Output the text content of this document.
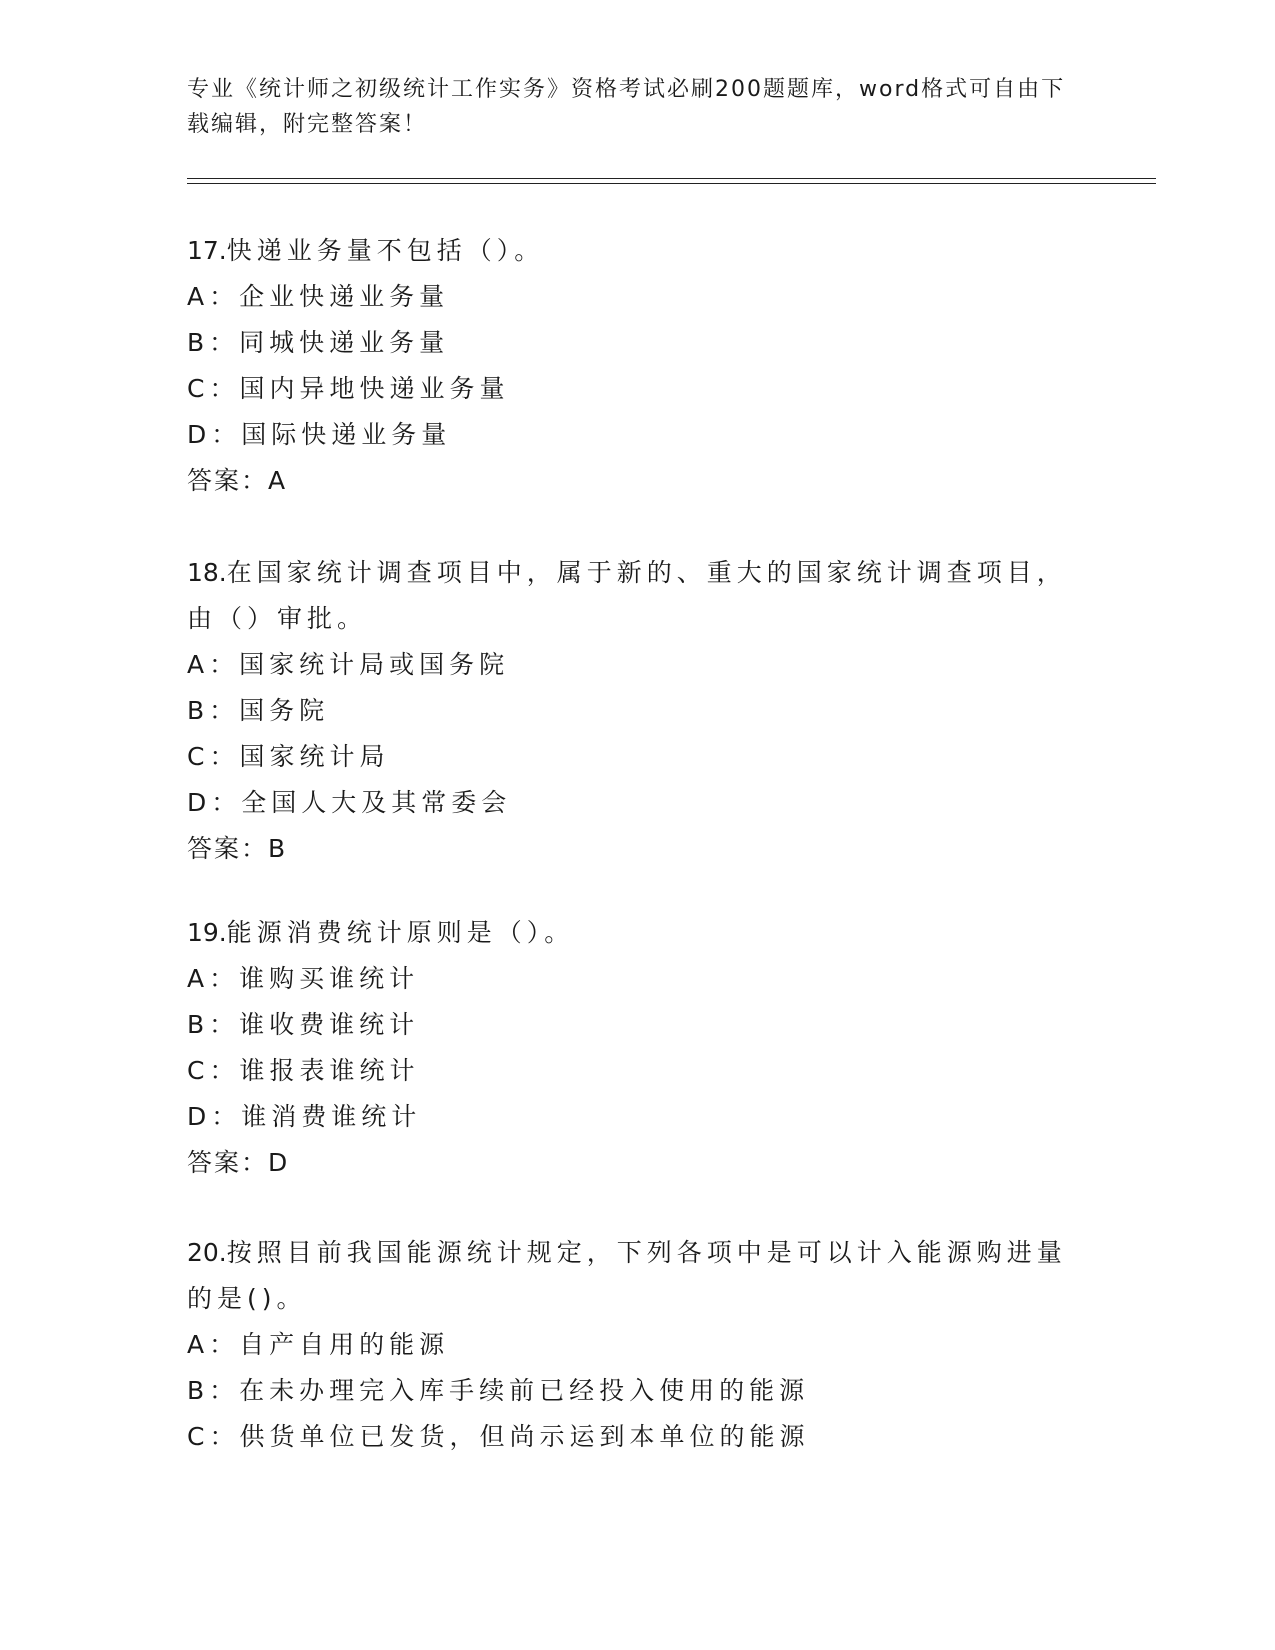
专业《统计师之初级统计工作实务》资格考试必刷200题题库，word格式可自由下载编辑，附完整答案！
17.快递业务量不包括（）。
A：企业快递业务量
B：同城快递业务量
C：国内异地快递业务量
D：国际快递业务量
答案：A
18.在国家统计调查项目中，属于新的、重大的国家统计调查项目，由（）审批。
A：国家统计局或国务院
B：国务院
C：国家统计局
D：全国人大及其常委会
答案：B
19.能源消费统计原则是（）。
A：谁购买谁统计
B：谁收费谁统计
C：谁报表谁统计
D：谁消费谁统计
答案：D
20.按照目前我国能源统计规定，下列各项中是可以计入能源购进量的是()。
A：自产自用的能源
B：在未办理完入库手续前已经投入使用的能源
C：供货单位已发货，但尚示运到本单位的能源
